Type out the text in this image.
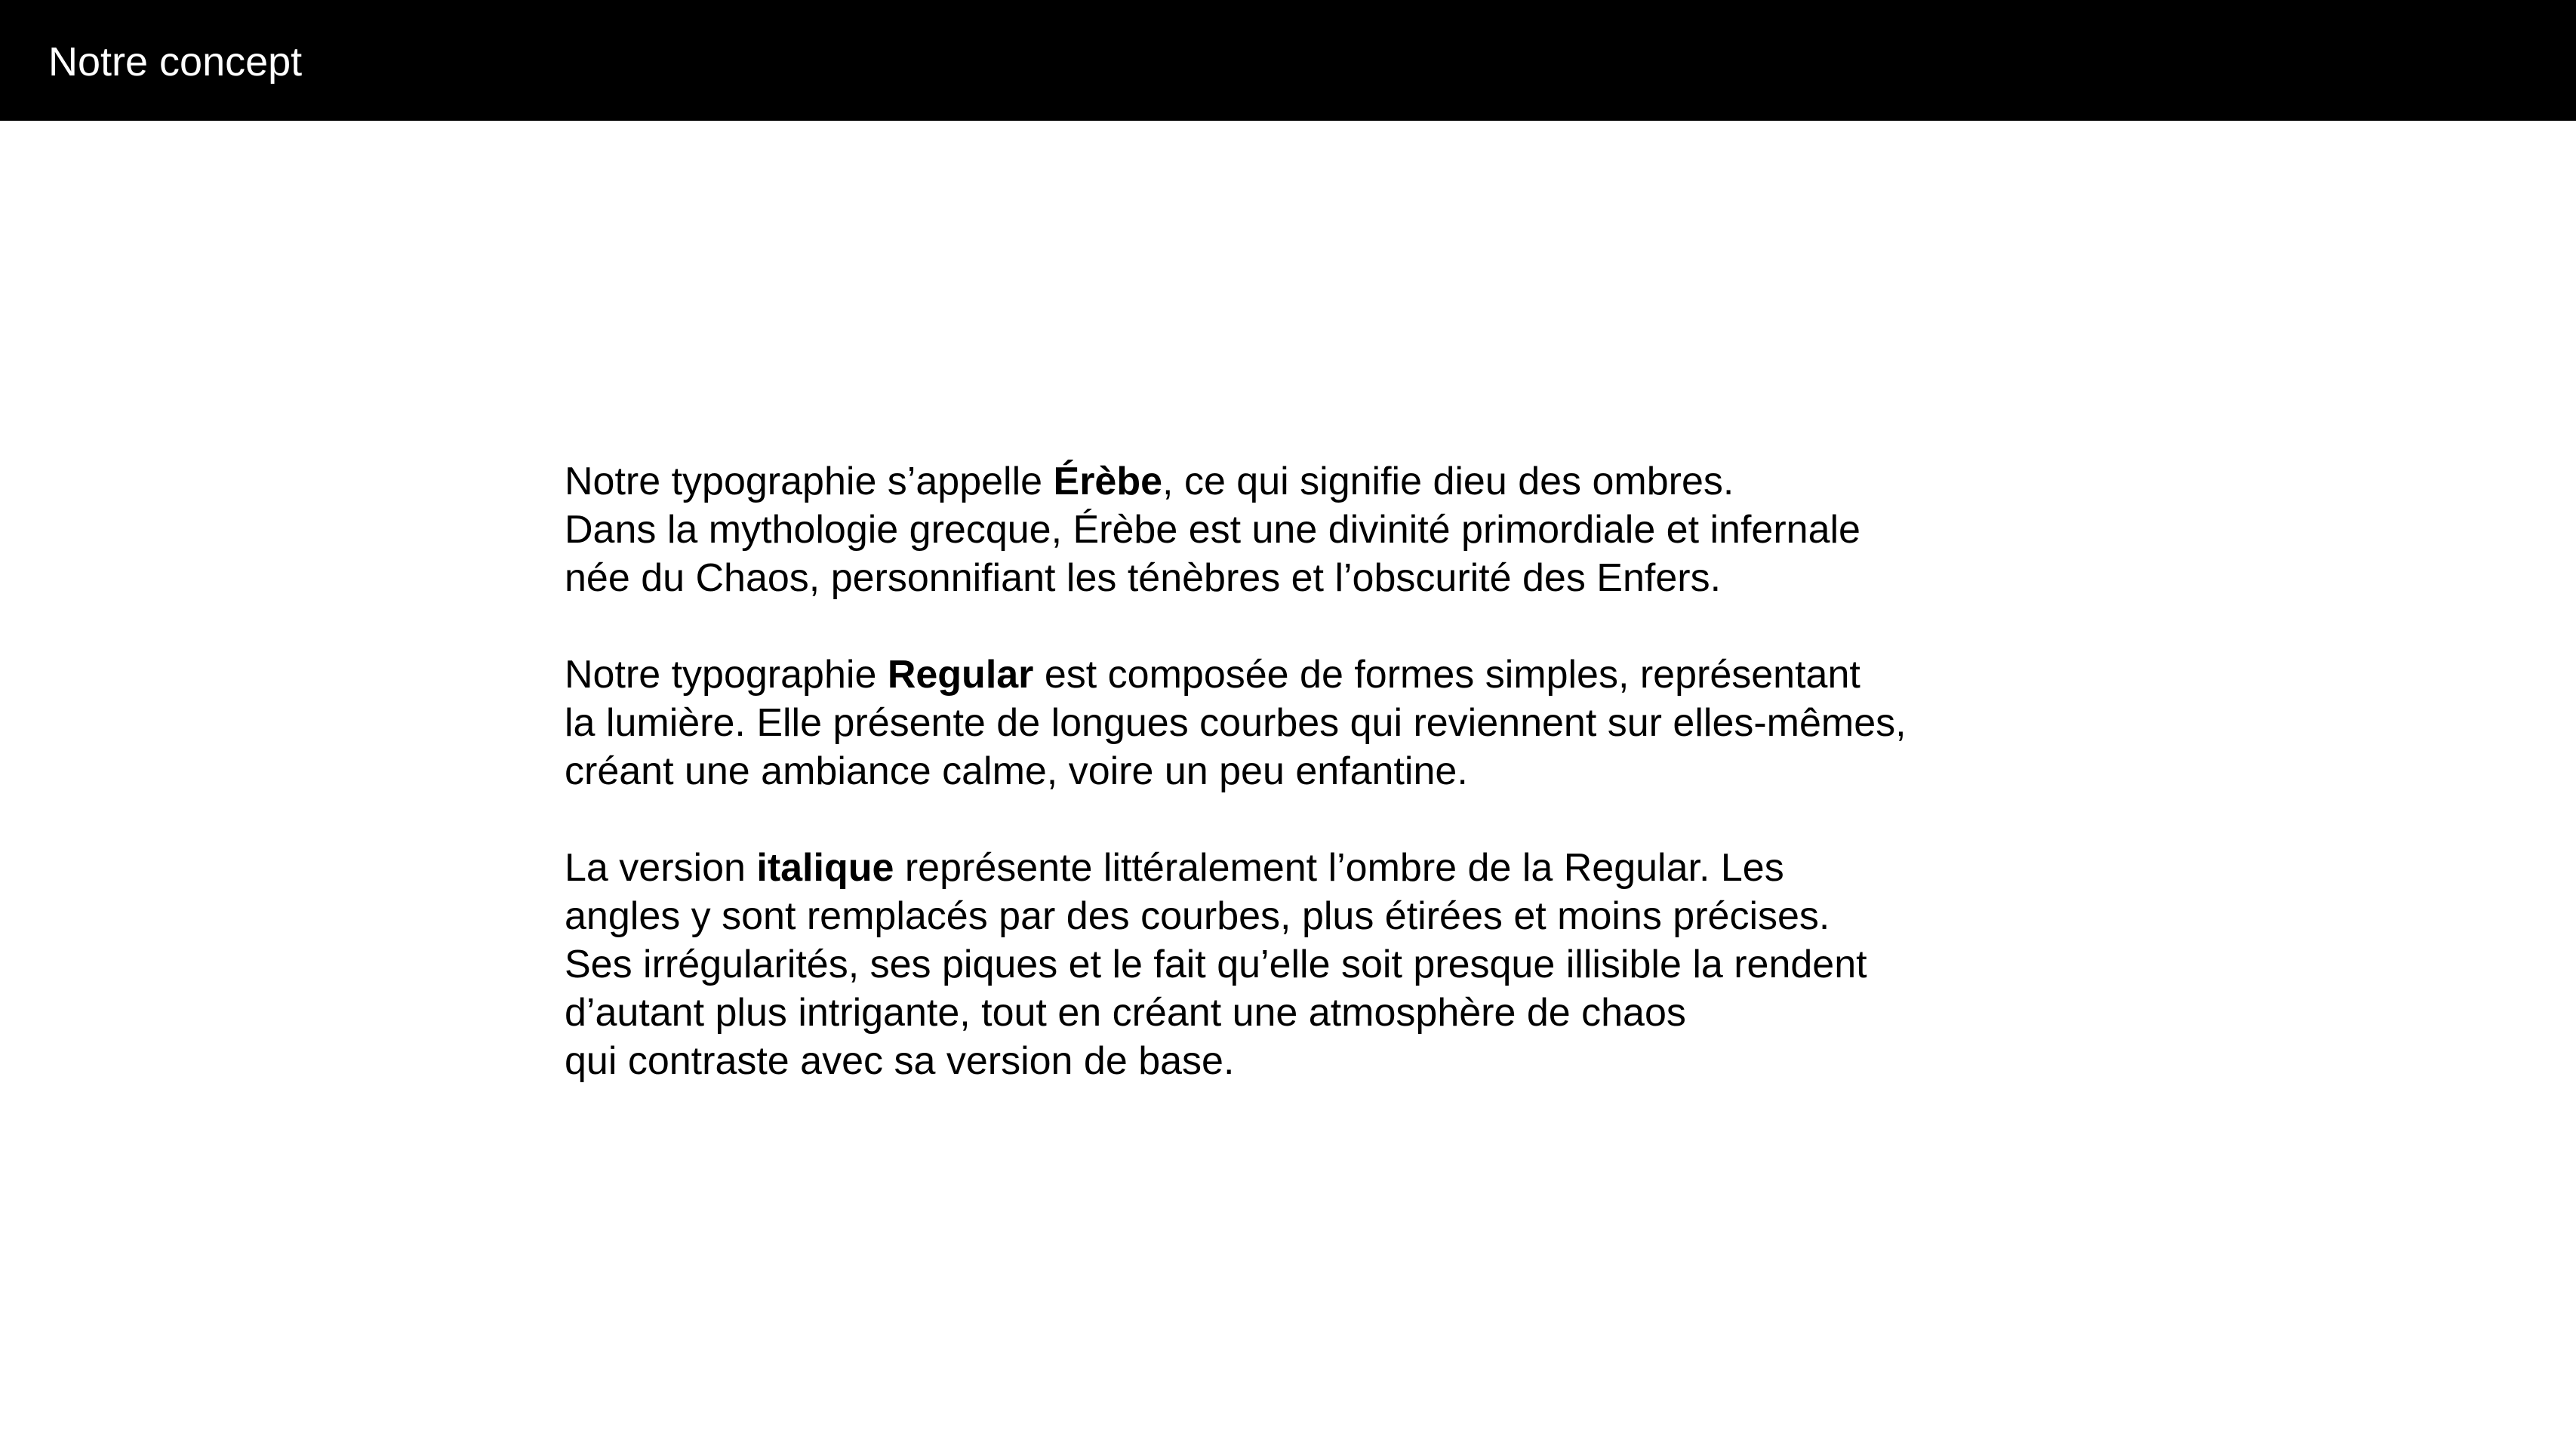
Notre concept

Notre typographie s’appelle Érèbe, ce qui signifie dieu des ombres.
Dans la mythologie grecque, Érèbe est une divinité primordiale et infernale
née du Chaos, personnifiant les ténèbres et l’obscurité des Enfers.

Notre typographie Regular est composée de formes simples, représentant
la lumière. Elle présente de longues courbes qui reviennent sur elles-mêmes,
créant une ambiance calme, voire un peu enfantine.

La version italique représente littéralement l’ombre de la Regular. Les
angles y sont remplacés par des courbes, plus étirées et moins précises.
Ses irrégularités, ses piques et le fait qu’elle soit presque illisible la rendent
d’autant plus intrigante, tout en créant une atmosphère de chaos
qui contraste avec sa version de base.
